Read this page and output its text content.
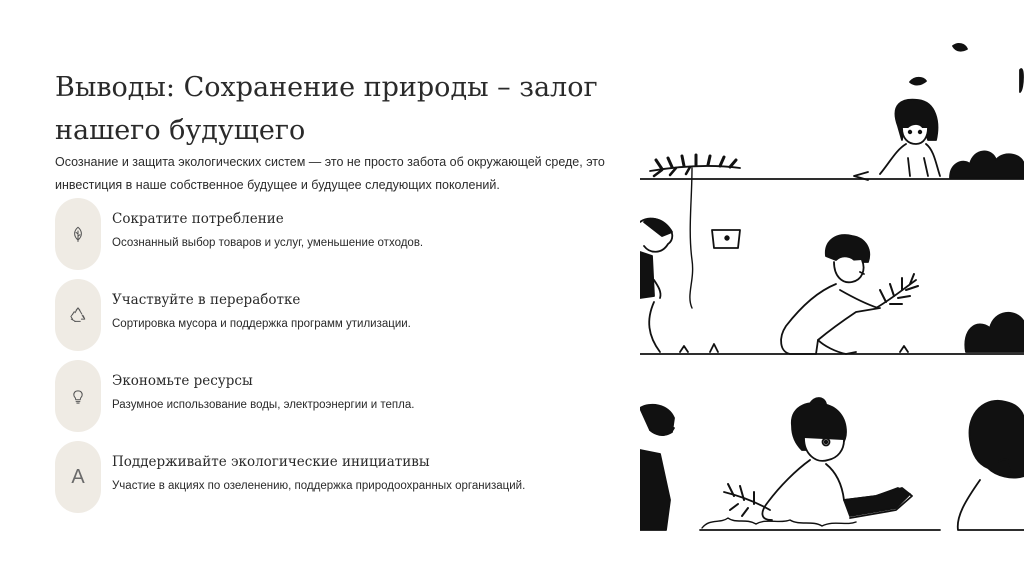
Выводы: Сохранение природы – залог нашего будущего

Осознание и защита экологических систем — это не просто забота об окружающей среде, это инвестиция в наше собственное будущее и будущее следующих поколений.

Сократите потребление
Осознанный выбор товаров и услуг, уменьшение отходов.
Участвуйте в переработке
Сортировка мусора и поддержка программ утилизации.
Экономьте ресурсы
Разумное использование воды, электроэнергии и тепла.
A
Поддерживайте экологические инициативы
Участие в акциях по озеленению, поддержка природоохранных организаций.
